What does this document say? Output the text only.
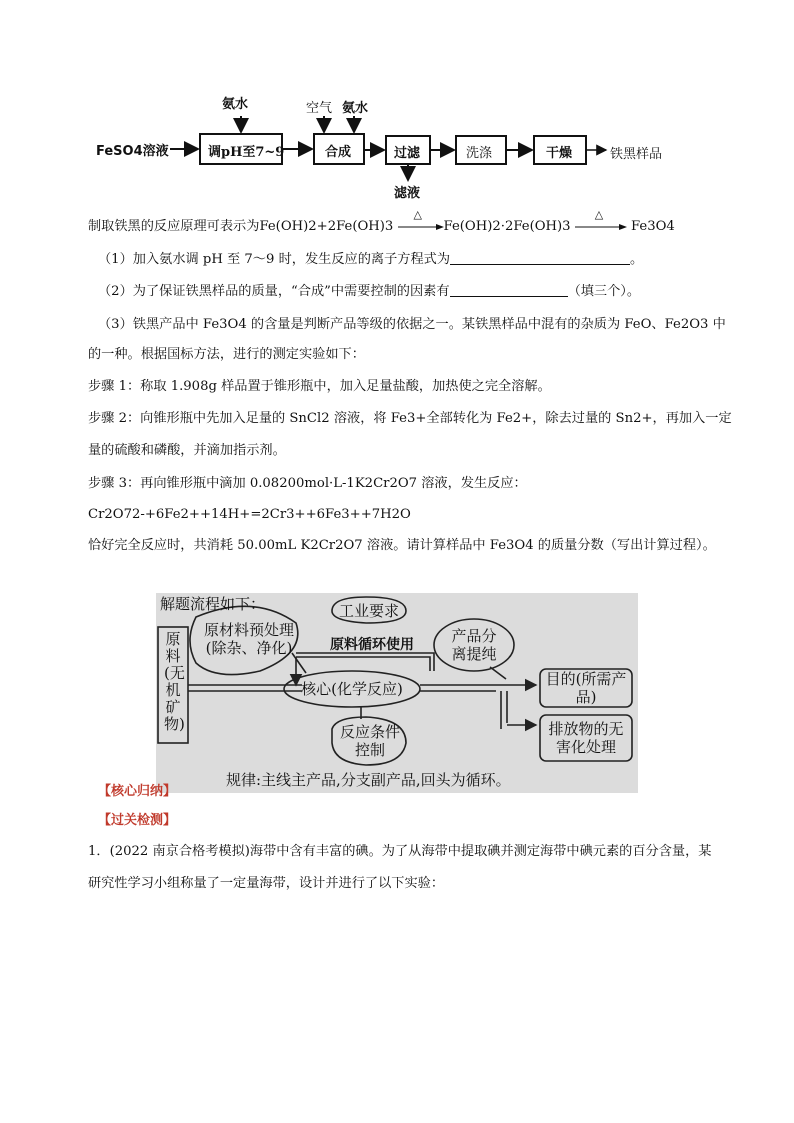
FeSO4溶液
氨水
调pH至7~9
空气 氨水
合成	过滤
滤液
洗涤	干燥	铁黑样品
制取铁黑的反应原理可表示为Fe(OH)2+2Fe(OH)3
△
Fe(OH)2·2Fe(OH)3
△
Fe3O4
（1）加入氨水调 pH 至 7～9 时，发生反应的离子方程式为	。
（2）为了保证铁黑样品的质量，“合成”中需要控制的因素有	（填三个）。
（3）铁黑产品中 Fe3O4 的含量是判断产品等级的依据之一。某铁黑样品中混有的杂质为 FeO、Fe2O3 中
的一种。根据国标方法，进行的测定实验如下：
步骤 1：称取 1.908g 样品置于锥形瓶中，加入足量盐酸，加热使之完全溶解。
步骤 2：向锥形瓶中先加入足量的 SnCl2 溶液，将 Fe3+全部转化为 Fe2+，除去过量的 Sn2+，再加入一定
量的硫酸和磷酸，并滴加指示剂。
步骤 3：再向锥形瓶中滴加 0.08200mol·L-1K2Cr2O7 溶液，发生反应：
Cr2O72-+6Fe2++14H+=2Cr3++6Fe3++7H2O
恰好完全反应时，共消耗 50.00mL K2Cr2O7 溶液。请计算样品中 Fe3O4 的质量分数（写出计算过程）。
解题流程如下：
原料(无机矿物)
原材料预处理(除杂、净化)
工业要求
原料循环使用
核心(化学反应)
产品分离提纯
反应条件控制
目的(所需产品)
排放物的无害化处理
规律:主线主产品,分支副产品,回头为循环。
【核心归纳】
【过关检测】
1．(2022 南京合格考模拟)海带中含有丰富的碘。为了从海带中提取碘并测定海带中碘元素的百分含量，某
研究性学习小组称量了一定量海带，设计并进行了以下实验：
